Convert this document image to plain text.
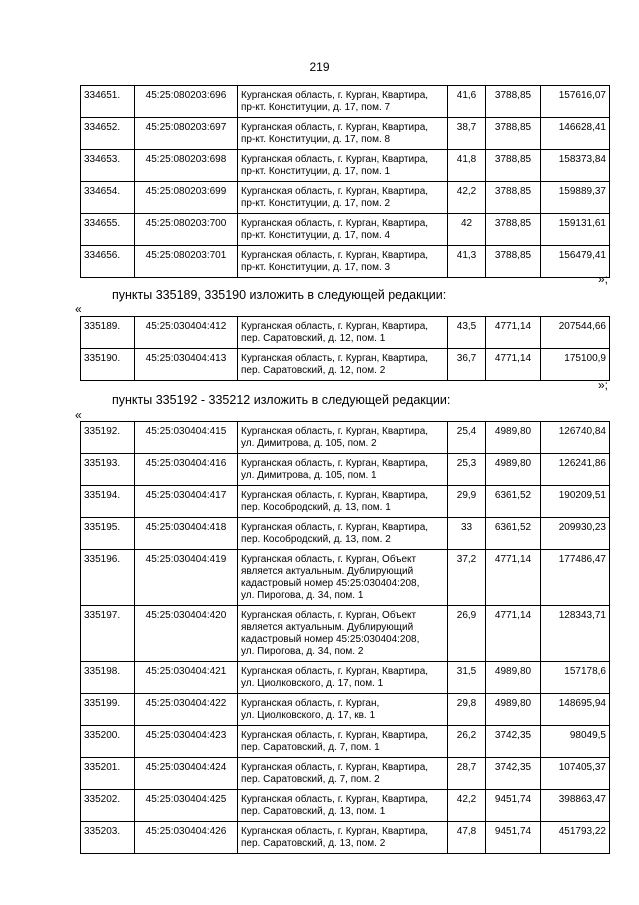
219
334651.	45:25:080203:696	Курганская область, г. Курган, Квартира,
пр-кт. Конституции, д. 17, пом. 7	41,6	3788,85	157616,07
334652.	45:25:080203:697	Курганская область, г. Курган, Квартира,
пр-кт. Конституции, д. 17, пом. 8	38,7	3788,85	146628,41
334653.	45:25:080203:698	Курганская область, г. Курган, Квартира,
пр-кт. Конституции, д. 17, пом. 1	41,8	3788,85	158373,84
334654.	45:25:080203:699	Курганская область, г. Курган, Квартира,
пр-кт. Конституции, д. 17, пом. 2	42,2	3788,85	159889,37
334655.	45:25:080203:700	Курганская область, г. Курган, Квартира,
пр-кт. Конституции, д. 17, пом. 4	42	3788,85	159131,61
334656.	45:25:080203:701	Курганская область, г. Курган, Квартира,
пр-кт. Конституции, д. 17, пом. 3	41,3	3788,85	156479,41
»;
пункты 335189, 335190 изложить в следующей редакции:
«
335189.	45:25:030404:412	Курганская область, г. Курган, Квартира,
пер. Саратовский, д. 12, пом. 1	43,5	4771,14	207544,66
335190.	45:25:030404:413	Курганская область, г. Курган, Квартира,
пер. Саратовский, д. 12, пом. 2	36,7	4771,14	175100,9
»;
пункты 335192 - 335212 изложить в следующей редакции:
«
335192.	45:25:030404:415	Курганская область, г. Курган, Квартира,
ул. Димитрова, д. 105, пом. 2	25,4	4989,80	126740,84
335193.	45:25:030404:416	Курганская область, г. Курган, Квартира,
ул. Димитрова, д. 105, пом. 1	25,3	4989,80	126241,86
335194.	45:25:030404:417	Курганская область, г. Курган, Квартира,
пер. Кособродский, д. 13, пом. 1	29,9	6361,52	190209,51
335195.	45:25:030404:418	Курганская область, г. Курган, Квартира,
пер. Кособродский, д. 13, пом. 2	33	6361,52	209930,23
335196.	45:25:030404:419	Курганская область, г. Курган, Объект
является актуальным. Дублирующий
кадастровый номер 45:25:030404:208,
ул. Пирогова, д. 34, пом. 1	37,2	4771,14	177486,47
335197.	45:25:030404:420	Курганская область, г. Курган, Объект
является актуальным. Дублирующий
кадастровый номер 45:25:030404:208,
ул. Пирогова, д. 34, пом. 2	26,9	4771,14	128343,71
335198.	45:25:030404:421	Курганская область, г. Курган, Квартира,
ул. Циолковского, д. 17, пом. 1	31,5	4989,80	157178,6
335199.	45:25:030404:422	Курганская область, г. Курган,
ул. Циолковского, д. 17, кв. 1	29,8	4989,80	148695,94
335200.	45:25:030404:423	Курганская область, г. Курган, Квартира,
пер. Саратовский, д. 7, пом. 1	26,2	3742,35	98049,5
335201.	45:25:030404:424	Курганская область, г. Курган, Квартира,
пер. Саратовский, д. 7, пом. 2	28,7	3742,35	107405,37
335202.	45:25:030404:425	Курганская область, г. Курган, Квартира,
пер. Саратовский, д. 13, пом. 1	42,2	9451,74	398863,47
335203.	45:25:030404:426	Курганская область, г. Курган, Квартира,
пер. Саратовский, д. 13, пом. 2	47,8	9451,74	451793,22
